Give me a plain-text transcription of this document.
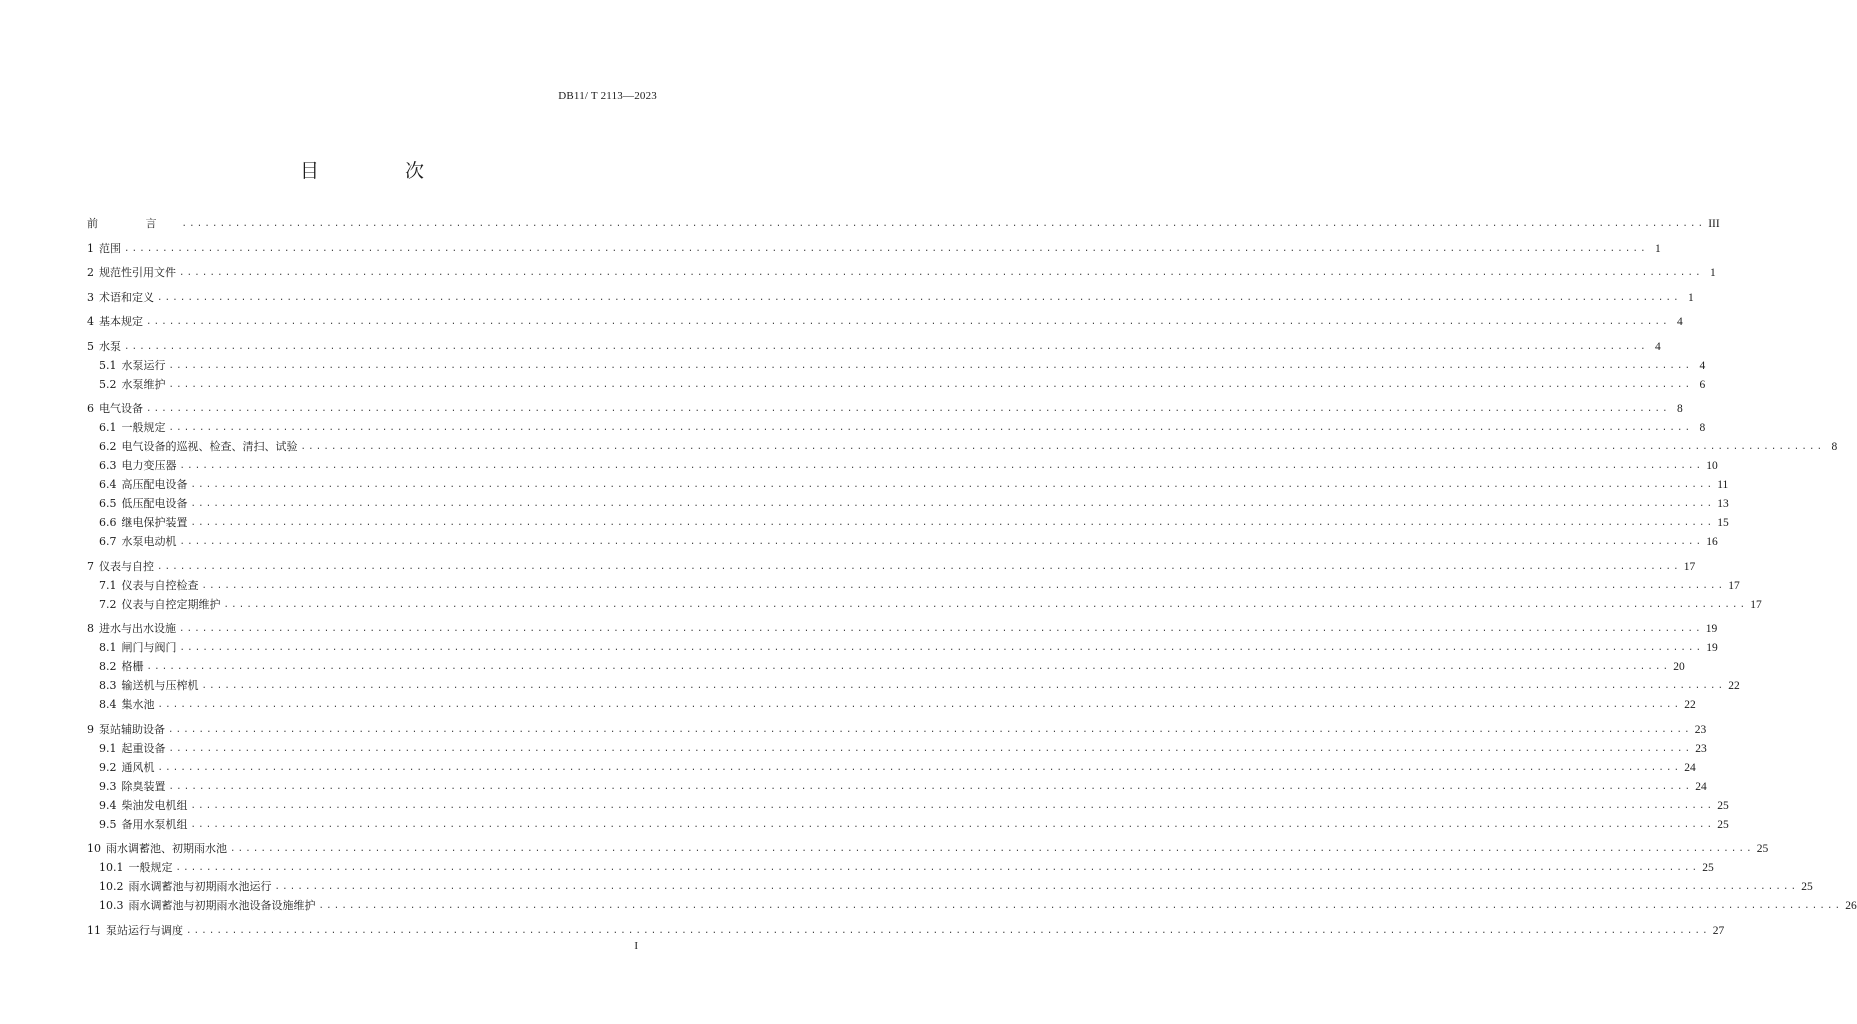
DB11/ T 2113—2023
目 次
前 言 ........................................................................................................................................................................................................ III
1 范围 ........................................................................................................................................................................................................ 1
2 规范性引用文件 ........................................................................................................................................................................................................ 1
3 术语和定义 ........................................................................................................................................................................................................ 1
4 基本规定 ........................................................................................................................................................................................................ 4
5 水泵 ........................................................................................................................................................................................................ 4
5.1 水泵运行 ........................................................................................................................................................................................................ 4
5.2 水泵维护 ........................................................................................................................................................................................................ 6
6 电气设备 ........................................................................................................................................................................................................ 8
6.1 一般规定 ........................................................................................................................................................................................................ 8
6.2 电气设备的巡视、检查、清扫、试验 ........................................................................................................................................................................................................ 8
6.3 电力变压器 ........................................................................................................................................................................................................ 10
6.4 高压配电设备 ........................................................................................................................................................................................................ 11
6.5 低压配电设备 ........................................................................................................................................................................................................ 13
6.6 继电保护装置 ........................................................................................................................................................................................................ 15
6.7 水泵电动机 ........................................................................................................................................................................................................ 16
7 仪表与自控 ........................................................................................................................................................................................................ 17
7.1 仪表与自控检查 ........................................................................................................................................................................................................ 17
7.2 仪表与自控定期维护 ........................................................................................................................................................................................................ 17
8 进水与出水设施 ........................................................................................................................................................................................................ 19
8.1 闸门与阀门 ........................................................................................................................................................................................................ 19
8.2 格栅 ........................................................................................................................................................................................................ 20
8.3 输送机与压榨机 ........................................................................................................................................................................................................ 22
8.4 集水池 ........................................................................................................................................................................................................ 22
9 泵站辅助设备 ........................................................................................................................................................................................................ 23
9.1 起重设备 ........................................................................................................................................................................................................ 23
9.2 通风机 ........................................................................................................................................................................................................ 24
9.3 除臭装置 ........................................................................................................................................................................................................ 24
9.4 柴油发电机组 ........................................................................................................................................................................................................ 25
9.5 备用水泵机组 ........................................................................................................................................................................................................ 25
10 雨水调蓄池、初期雨水池 ........................................................................................................................................................................................................ 25
10.1 一般规定 ........................................................................................................................................................................................................ 25
10.2 雨水调蓄池与初期雨水池运行 ........................................................................................................................................................................................................ 25
10.3 雨水调蓄池与初期雨水池设备设施维护 ........................................................................................................................................................................................................ 26
11 泵站运行与调度 ........................................................................................................................................................................................................ 27
I
